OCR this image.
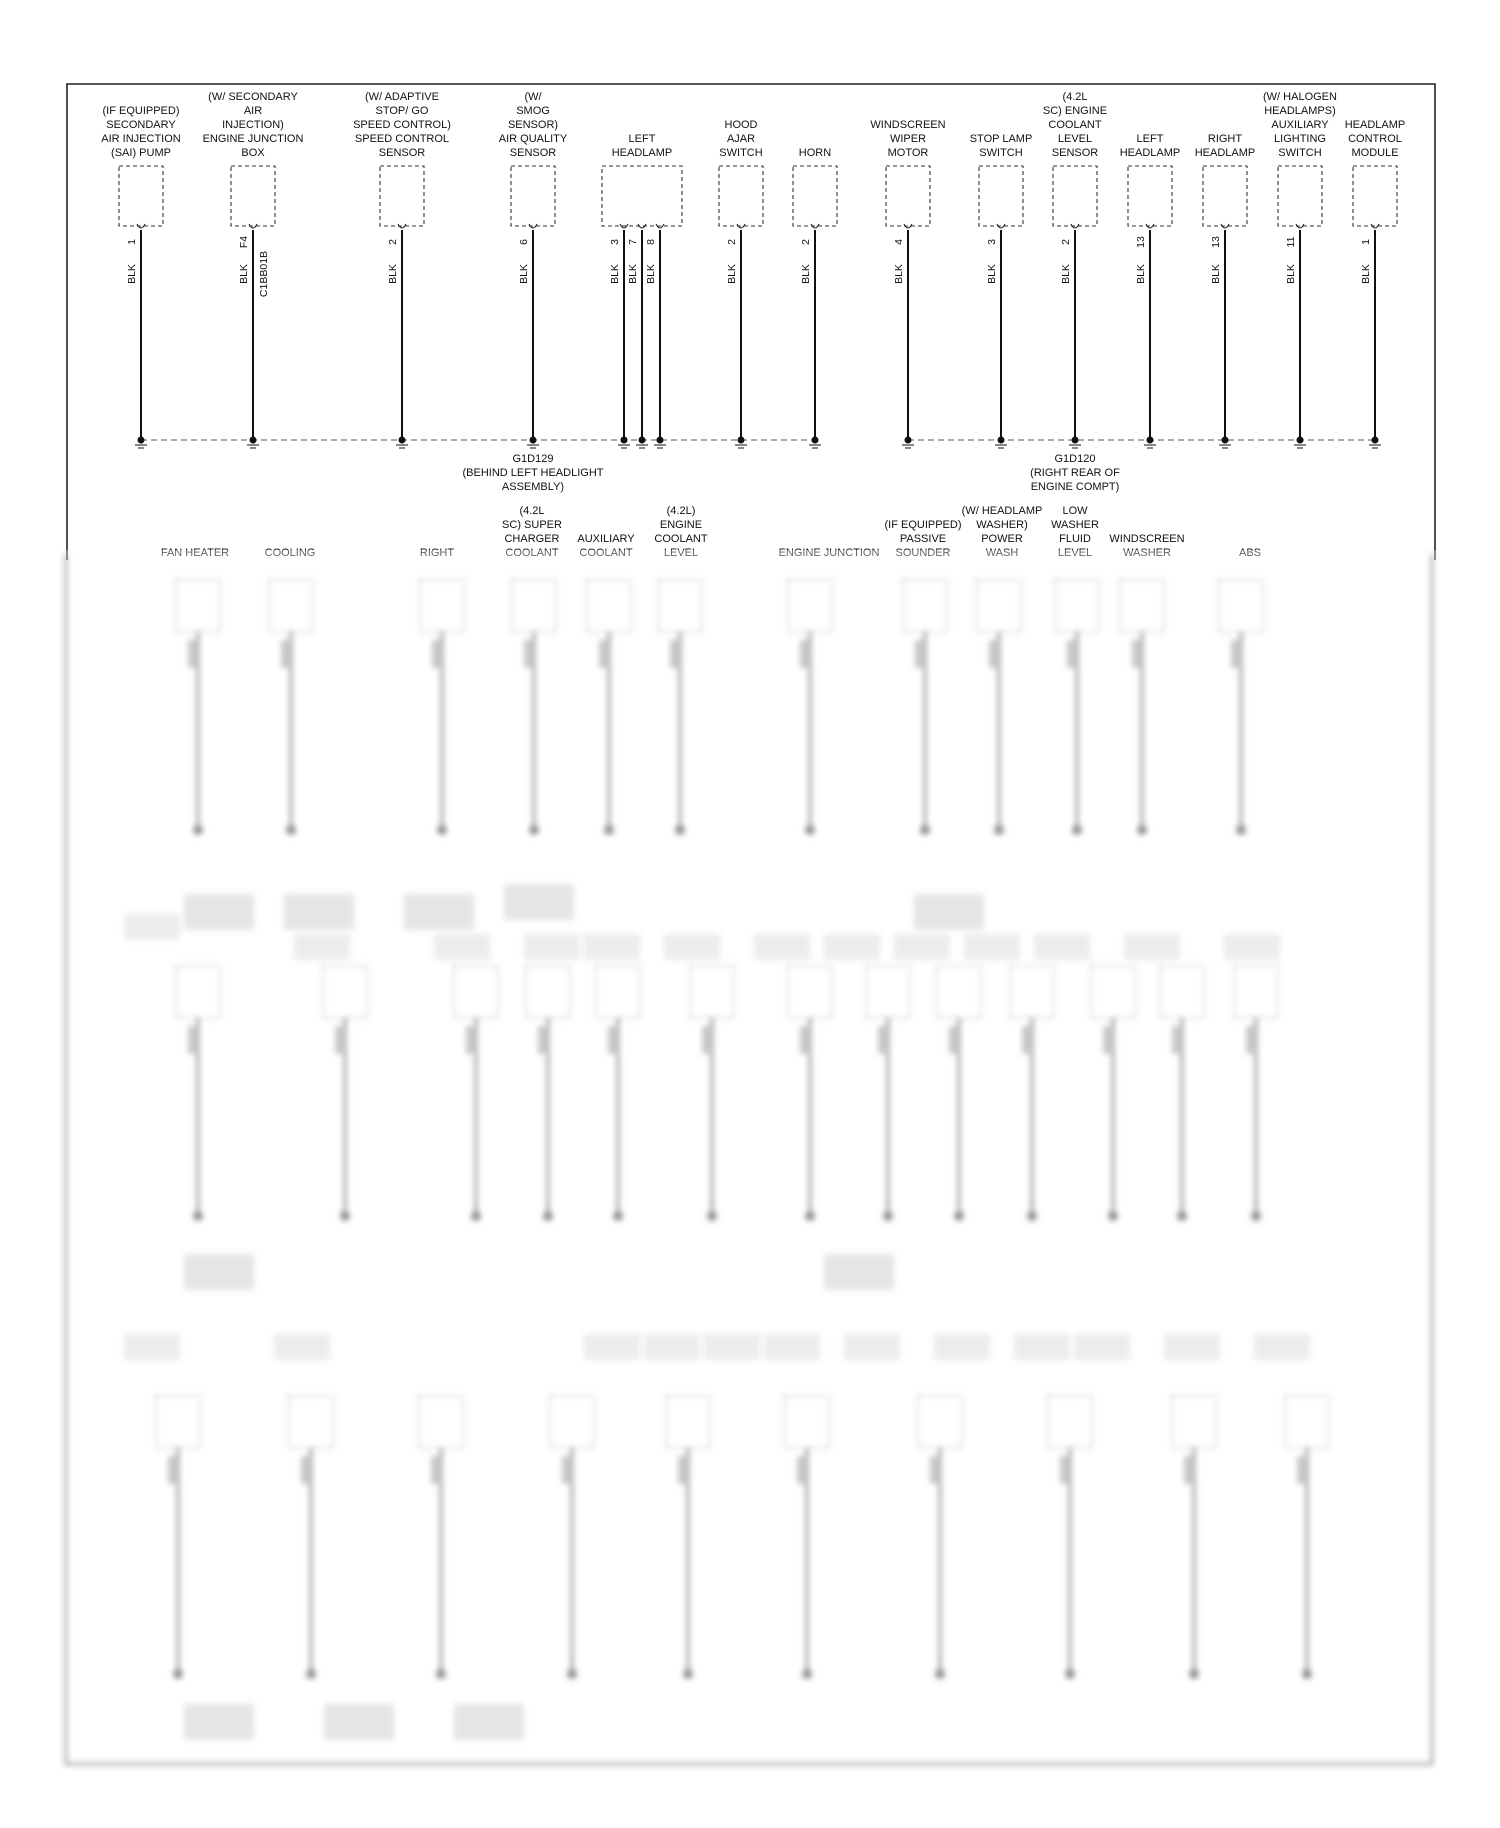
(IF EQUIPPED)
SECONDARY
AIR INJECTION
(SAI) PUMP
1
BLK
(W/ SECONDARY
AIR
INJECTION)
ENGINE JUNCTION
BOX
F4
BLK C1BB01B
(W/ ADAPTIVE
STOP/ GO
SPEED CONTROL)
SPEED CONTROL
SENSOR
2
BLK
(W/
SMOG
SENSOR)
AIR QUALITY
SENSOR
6
BLK
LEFT
HEADLAMP
3
BLK
7
BLK
8
BLK
HOOD
AJAR
SWITCH
2
BLK
HORN
2
BLK
WINDSCREEN
WIPER
MOTOR
4
BLK
STOP LAMP
SWITCH
3
BLK
(4.2L
SC) ENGINE
COOLANT
LEVEL
SENSOR
2
BLK
LEFT
HEADLAMP
13
BLK
RIGHT
HEADLAMP
13
BLK
(W/ HALOGEN
HEADLAMPS)
AUXILIARY
LIGHTING
SWITCH
11
BLK
HEADLAMP
CONTROL
MODULE
1
BLK
G1D129
(BEHIND LEFT HEADLIGHT
ASSEMBLY)
G1D120
(RIGHT REAR OF
ENGINE COMPT)
FAN HEATER	COOLING	RIGHT
(4.2L
SC) SUPER
CHARGER
COOLANT
AUXILIARY
COOLANT
(4.2L)
ENGINE
COOLANT
LEVEL	ENGINE JUNCTION
(IF EQUIPPED)
PASSIVE
SOUNDER
(W/ HEADLAMP
WASHER)
POWER
WASH
LOW
WASHER
FLUID
LEVEL
WINDSCREEN
WASHER	ABS
